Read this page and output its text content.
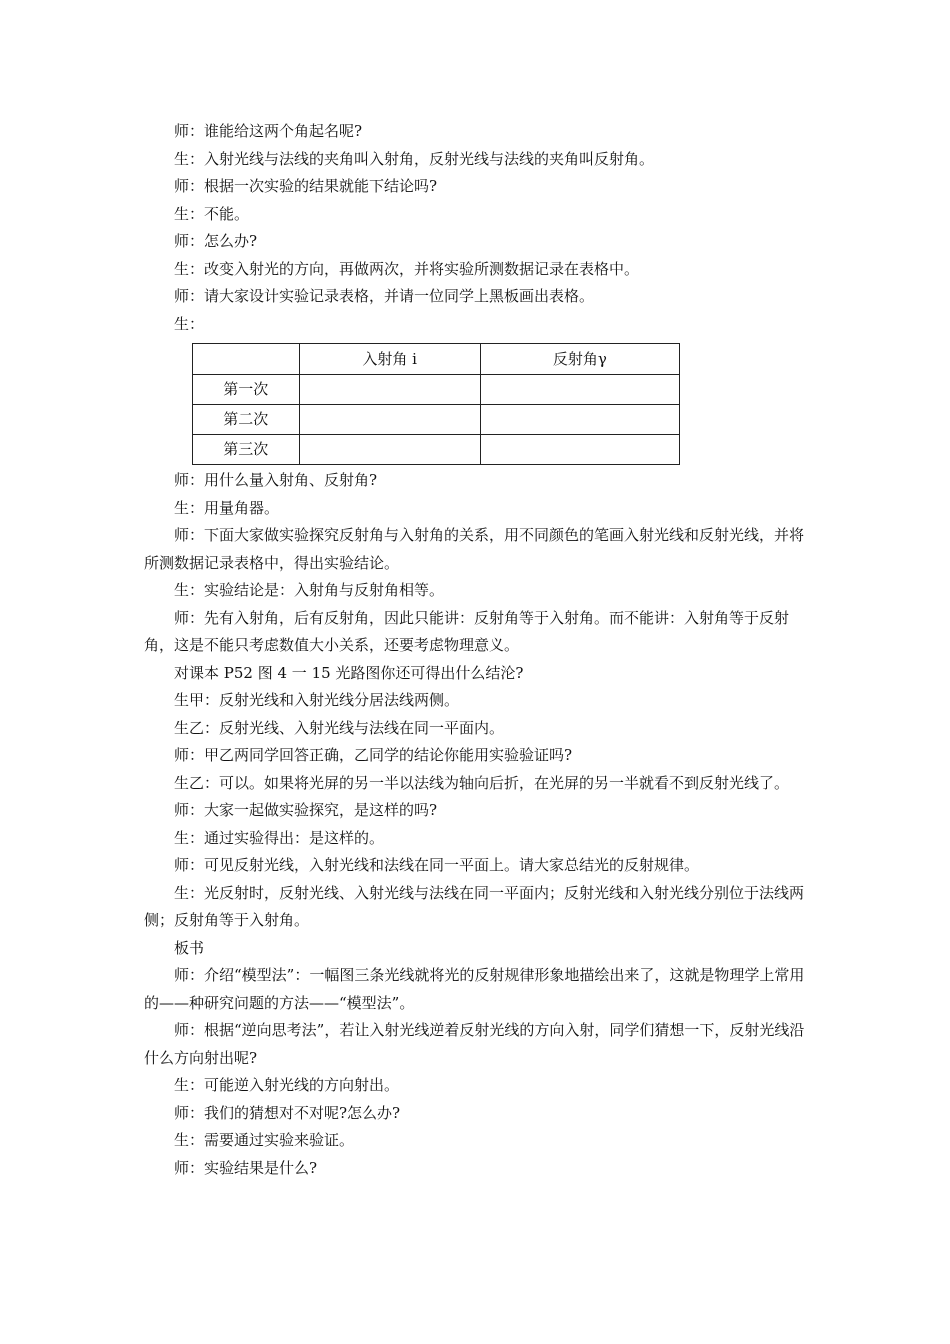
师：谁能给这两个角起名呢?

生：入射光线与法线的夹角叫入射角，反射光线与法线的夹角叫反射角。

师：根据一次实验的结果就能下结论吗?

生：不能。

师：怎么办?

生：改变入射光的方向，再做两次，并将实验所测数据记录在表格中。

师：请大家设计实验记录表格，并请一位同学上黑板画出表格。

生：

	入射角 i	反射角γ
第一次		
第二次		
第三次		

师：用什么量入射角、反射角?

生：用量角器。

师：下面大家做实验探究反射角与入射角的关系，用不同颜色的笔画入射光线和反射光线，并将所测数据记录表格中，得出实验结论。

生：实验结论是：入射角与反射角相等。

师：先有入射角，后有反射角，因此只能讲：反射角等于入射角。而不能讲：入射角等于反射角，这是不能只考虑数值大小关系，还要考虑物理意义。

对课本 P52 图 4 一 15 光路图你还可得出什么结沦?

生甲：反射光线和入射光线分居法线两侧。

生乙：反射光线、入射光线与法线在同一平面内。

师：甲乙两同学回答正确，乙同学的结论你能用实验验证吗?

生乙：可以。如果将光屏的另一半以法线为轴向后折，在光屏的另一半就看不到反射光线了。

师：大家一起做实验探究，是这样的吗?

生：通过实验得出：是这样的。

师：可见反射光线，入射光线和法线在同一平面上。请大家总结光的反射规律。

生：光反射时，反射光线、入射光线与法线在同一平面内；反射光线和入射光线分别位于法线两侧；反射角等于入射角。

板书

师：介绍“模型法”：一幅图三条光线就将光的反射规律形象地描绘出来了，这就是物理学上常用的——种研究问题的方法——“模型法”。

师：根据“逆向思考法”，若让入射光线逆着反射光线的方向入射，同学们猜想一下，反射光线沿什么方向射出呢?

生：可能逆入射光线的方向射出。

师：我们的猜想对不对呢?怎么办?

生：需要通过实验来验证。

师：实验结果是什么?
